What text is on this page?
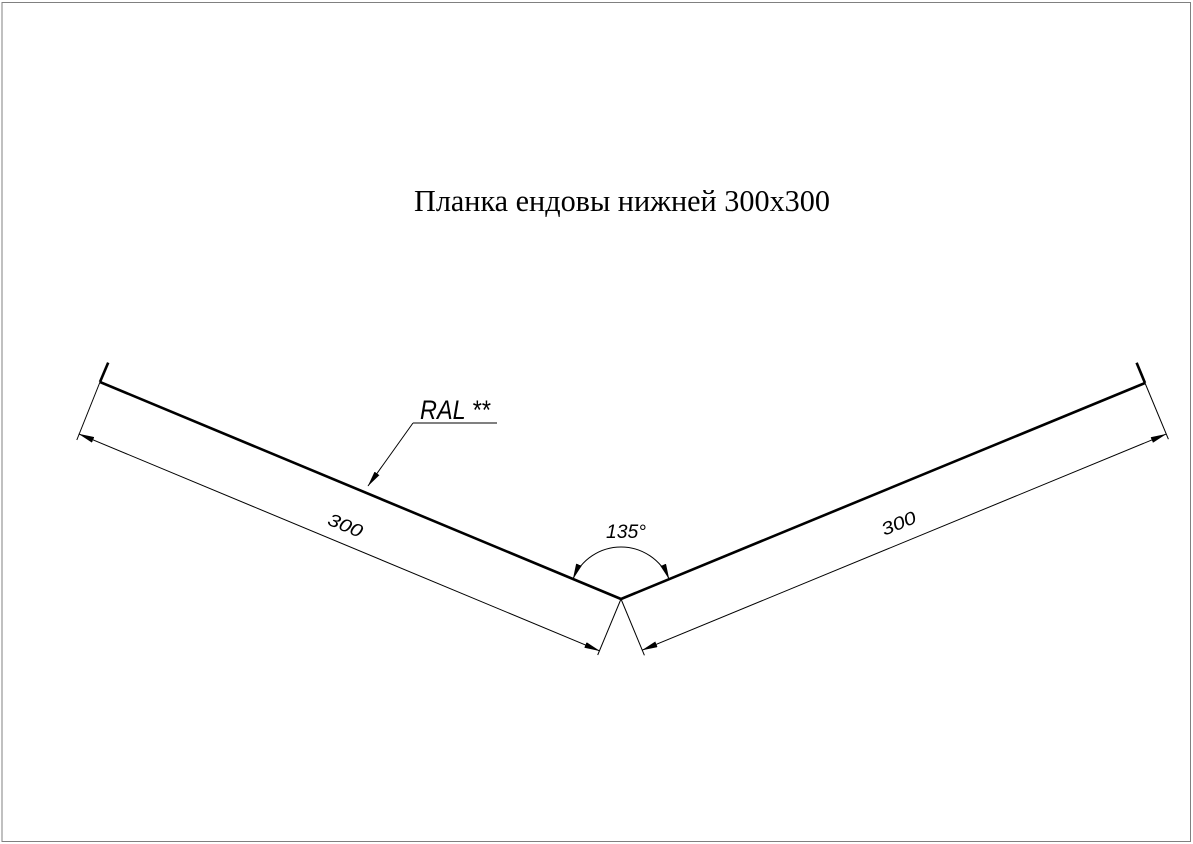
Планка ендовы нижней 300х300
RAL **
135°
300	300
